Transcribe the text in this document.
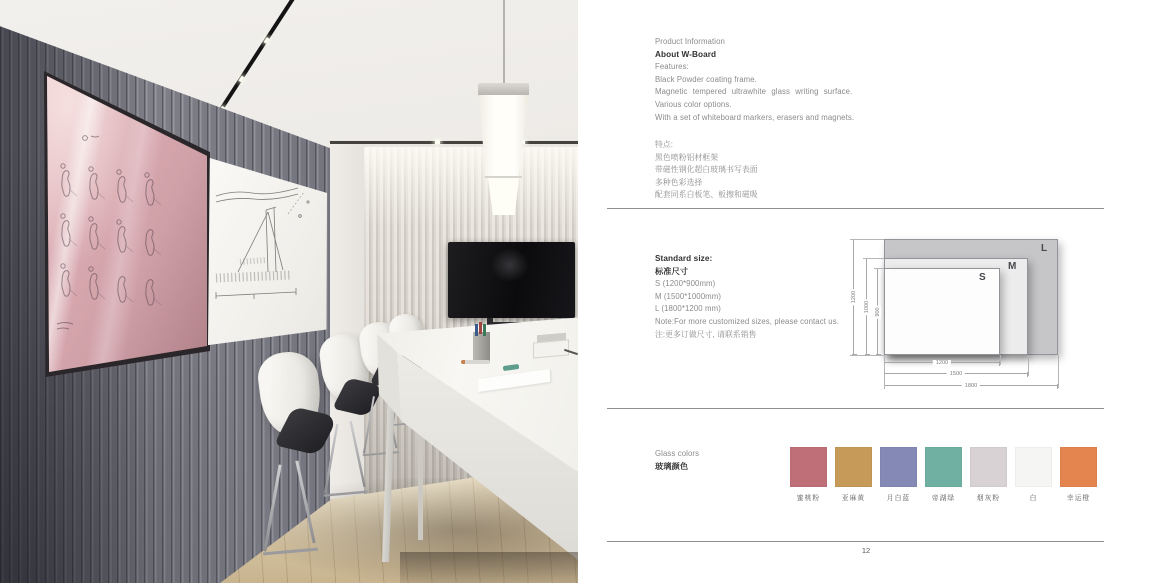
Product Information

About W-Board

Features:

Black Powder coating frame.

Magnetic tempered ultrawhite glass writing surface.

Various color options.

With a set of whiteboard markers, erasers and magnets.

特点:

黑色喷粉铝材框架

带磁性钢化超白玻璃书写表面

多种色彩选择

配套同系白板笔、板擦和磁吸

Standard size:

标准尺寸

S (1200*900mm)

M (1500*1000mm)

L (1800*1200 mm)

Note:For more customized sizes, please contact us.

注:更多订做尺寸, 请联系销售

Glass colors

玻璃颜色

蜜桃粉	亚麻黄	月白蓝	帝湖绿	烟灰粉	白	幸运橙
12
S
M
L
1200
1000 900
1200
1500
1800
